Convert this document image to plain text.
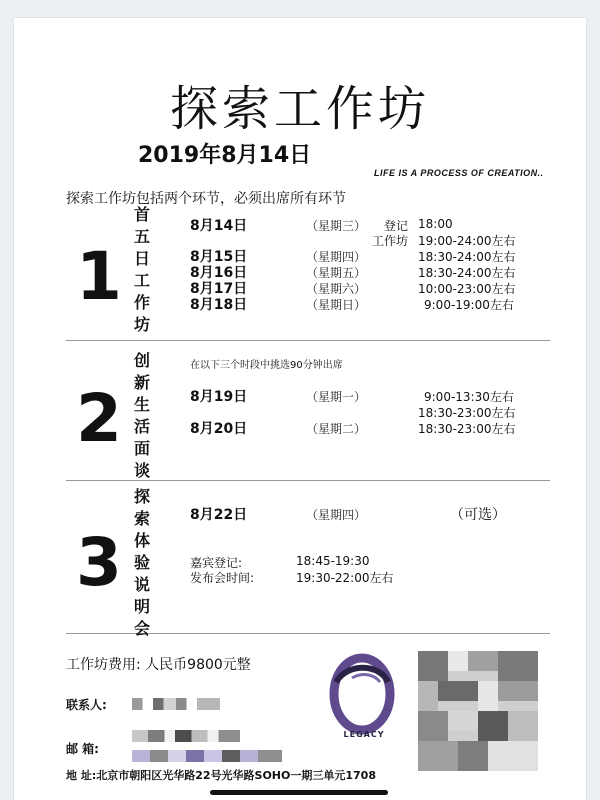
探索工作坊
2019年8月14日
LIFE IS A PROCESS OF CREATION..
探索工作坊包括两个环节，必须出席所有环节
1
首五日工作坊
8月14日	（星期三） 登记 18:00
工作坊 19:00-24:00左右
8月15日	（星期四）	18:30-24:00左右
8月16日	（星期五）	18:30-24:00左右
8月17日	（星期六）	10:00-23:00左右
8月18日	（星期日）	9:00-19:00左右
2
创新生活面谈
在以下三个时段中挑选90分钟出席
8月19日	（星期一）	9:00-13:30左右
18:30-23:00左右
8月20日	（星期二）	18:30-23:00左右
3
探索体验说明会
8月22日	（星期四）	（可选）
嘉宾登记:	18:45-19:30
发布会时间:	19:30-22:00左右
工作坊费用: 人民币9800元整
联系人:
邮 箱:
LEGACY
地 址:北京市朝阳区光华路22号光华路SOHO一期三单元1708
